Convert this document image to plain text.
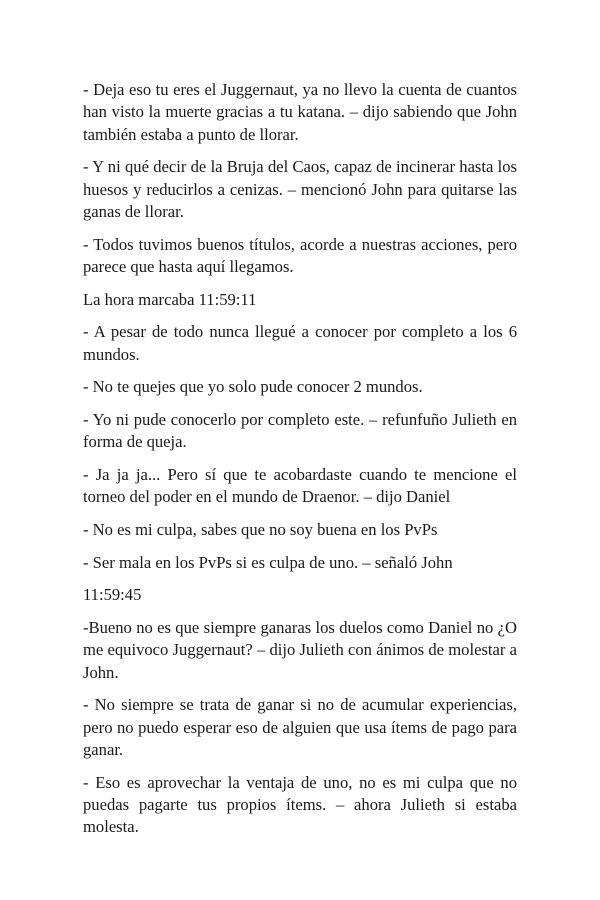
- Deja eso tu eres el Juggernaut, ya no llevo la cuenta de cuantos han visto la muerte gracias a tu katana. – dijo sabiendo que John también estaba a punto de llorar.

- Y ni qué decir de la Bruja del Caos, capaz de incinerar hasta los huesos y reducirlos a cenizas. – mencionó John para quitarse las ganas de llorar.

- Todos tuvimos buenos títulos, acorde a nuestras acciones, pero parece que hasta aquí llegamos.

La hora marcaba 11:59:11

- A pesar de todo nunca llegué a conocer por completo a los 6 mundos.

- No te quejes que yo solo pude conocer 2 mundos.

- Yo ni pude conocerlo por completo este. – refunfuño Julieth en forma de queja.

- Ja ja ja... Pero sí que te acobardaste cuando te mencione el torneo del poder en el mundo de Draenor. – dijo Daniel

- No es mi culpa, sabes que no soy buena en los PvPs

- Ser mala en los PvPs si es culpa de uno. – señaló John

11:59:45

-Bueno no es que siempre ganaras los duelos como Daniel no ¿O me equivoco Juggernaut? – dijo Julieth con ánimos de molestar a John.

- No siempre se trata de ganar si no de acumular experiencias, pero no puedo esperar eso de alguien que usa ítems de pago para ganar.

- Eso es aprovechar la ventaja de uno, no es mi culpa que no puedas pagarte tus propios ítems. – ahora Julieth si estaba molesta.
